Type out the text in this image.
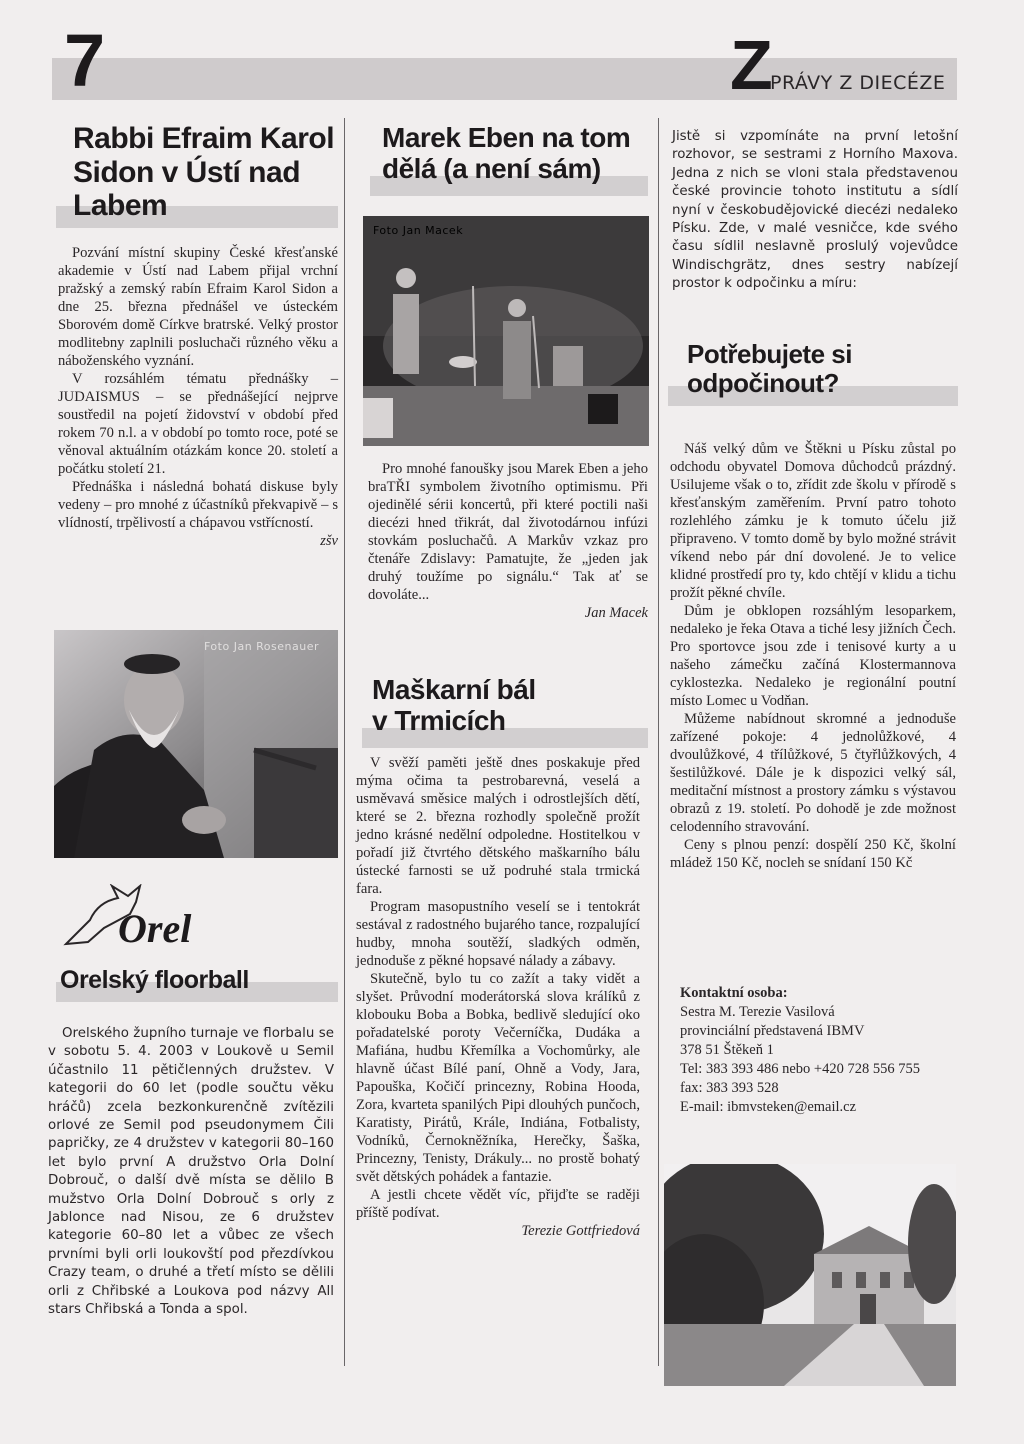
7	Z
PRÁVY Z DIECÉZE
Rabbi Efraim Karol
Sidon v Ústí nad
Labem

Pozvání místní skupiny České křesťanské akademie v Ústí nad Labem přijal vrchní pražský a zemský rabín Efraim Karol Sidon a dne 25. března přednášel ve ústeckém Sborovém domě Církve bratrské. Velký prostor modlitebny zaplnili posluchači různého věku a náboženského vyznání.

V rozsáhlém tématu přednášky – JUDAISMUS – se přednášející nejprve soustředil na pojetí židovství v období před rokem 70 n.l. a v období po tomto roce, poté se věnoval aktuálním otázkám konce 20. století a počátku století 21.

Přednáška i následná bohatá diskuse byly vedeny – pro mnohé z účastníků překvapivě – s vlídností, trpělivostí a chápavou vstřícností.

zšv
Foto Jan Rosenauer
Orel
Orelský floorball

Orelského župního turnaje ve florbalu se v sobotu 5. 4. 2003 v Loukově u Semil účastnilo 11 pětičlenných družstev. V kategorii do 60 let (podle součtu věku hráčů) zcela bezkonkurenčně zvítězili orlové ze Semil pod pseudonymem Čili papričky, ze 4 družstev v kategorii 80–160 let bylo první A družstvo Orla Dolní Dobrouč, o další dvě místa se dělilo B mužstvo Orla Dolní Dobrouč s orly z Jablonce nad Nisou, ze 6 družstev kategorie 60–80 let a vůbec ze všech prvními byli orli loukovští pod přezdívkou Crazy team, o druhé a třetí místo se dělili orli z Chřibské a Loukova pod názvy All stars Chřibská a Tonda a spol.

Marek Eben na tom
dělá (a není sám)
Foto Jan Macek

Pro mnohé fanoušky jsou Marek Eben a jeho braTŘI symbolem životního optimismu. Při ojedinělé sérii koncertů, při které poctili naši diecézi hned třikrát, dal životodárnou infúzi stovkám posluchačů. A Markův vzkaz pro čtenáře Zdislavy: Pamatujte, že „jeden jak druhý toužíme po signálu.“ Tak ať se dovoláte...

Jan Macek
Maškarní bál
v Trmicích

V svěží paměti ještě dnes poskakuje před mýma očima ta pestrobarevná, veselá a usměvavá směsice malých i odrostlejších dětí, které se 2. března rozhodly společně prožít jedno krásné nedělní odpoledne. Hostitelkou v pořadí již čtvrtého dětského maškarního bálu ústecké farnosti se už podruhé stala trmická fara.

Program masopustního veselí se i tentokrát sestával z radostného bujarého tance, rozpalující hudby, mnoha soutěží, sladkých odměn, jednoduše z pěkné hopsavé nálady a zábavy.

Skutečně, bylo tu co zažít a taky vidět a slyšet. Průvodní moderátorská slova králíků z klobouku Boba a Bobka, bedlivě sledující oko pořadatelské poroty Večerníčka, Dudáka a Mafiána, hudbu Křemílka a Vochomůrky, ale hlavně účast Bílé paní, Ohně a Vody, Jara, Papouška, Kočičí princezny, Robina Hooda, Zora, kvarteta spanilých Pipi dlouhých punčoch, Karatisty, Pirátů, Krále, Indiána, Fotbalisty, Vodníků, Černokněžníka, Herečky, Šaška, Princezny, Tenisty, Drákuly... no prostě bohatý svět dětských pohádek a fantazie.

A jestli chcete vědět víc, přijďte se raději příště podívat.

Terezie Gottfriedová
Jistě si vzpomínáte na první letošní rozhovor, se sestrami z Horního Maxova. Jedna z nich se vloni stala představenou české provincie tohoto institutu a sídlí nyní v českobudějovické diecézi nedaleko Písku. Zde, v malé vesničce, kde svého času sídlil neslavně proslulý vojevůdce Windischgrätz, dnes sestry nabízejí prostor k odpočinku a míru:
Potřebujete si
odpočinout?

Náš velký dům ve Štěkni u Písku zůstal po odchodu obyvatel Domova důchodců prázdný. Usilujeme však o to, zřídit zde školu v přírodě s křesťanským zaměřením. První patro tohoto rozlehlého zámku je k tomuto účelu již připraveno. V tomto domě by bylo možné strávit víkend nebo pár dní dovolené. Je to velice klidné prostředí pro ty, kdo chtějí v klidu a tichu prožít pěkné chvíle.

Dům je obklopen rozsáhlým lesoparkem, nedaleko je řeka Otava a tiché lesy jižních Čech. Pro sportovce jsou zde i tenisové kurty a u našeho zámečku začíná Klostermannova cyklostezka. Nedaleko je regionální poutní místo Lomec u Vodňan.

Můžeme nabídnout skromné a jednoduše zařízené pokoje: 4 jednolůžkové, 4 dvoulůžkové, 4 třílůžkové, 5 čtyřlůžkových, 4 šestilůžkové. Dále je k dispozici velký sál, meditační místnost a prostory zámku s výstavou obrazů z 19. století. Po dohodě je zde možnost celodenního stravování.

Ceny s plnou penzí: dospělí 250 Kč, školní mládež 150 Kč, nocleh se snídaní 150 Kč

Kontaktní osoba:
Sestra M. Terezie Vasilová
provinciální představená IBMV
378 51 Štěkeň 1
Tel: 383 393 486 nebo +420 728 556 755
fax: 383 393 528
E-mail: ibmvsteken@email.cz
